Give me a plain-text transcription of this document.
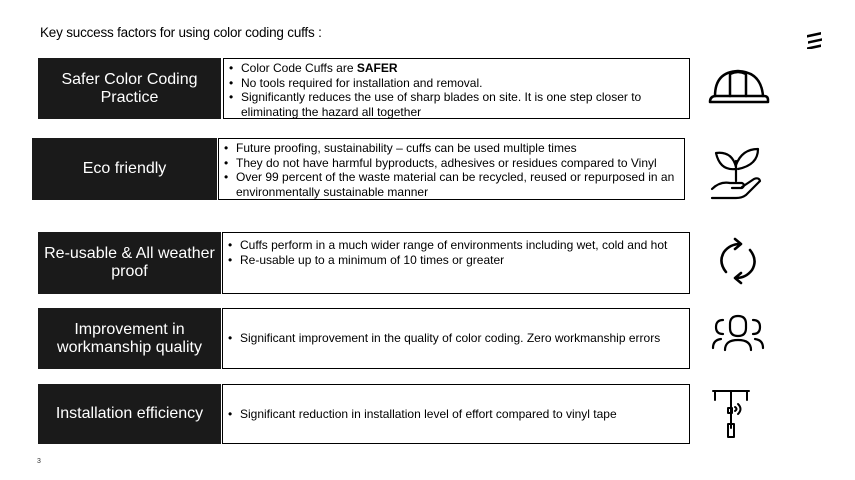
Key success factors for using color coding cuffs :
Safer Color Coding Practice
• Color Code Cuffs are SAFER
• No tools required for installation and removal.
• Significantly reduces the use of sharp blades on site. It is one step closer to eliminating the hazard all together
Eco friendly
• Future proofing, sustainability – cuffs can be used multiple times
• They do not have harmful byproducts, adhesives or residues compared to Vinyl
• Over 99 percent of the waste material can be recycled, reused or repurposed in an environmentally sustainable manner
Re-usable & All weather proof
• Cuffs perform in a much wider range of environments including wet, cold and hot
• Re-usable up to a minimum of 10 times or greater
Improvement in workmanship quality
• Significant improvement in the quality of color coding. Zero workmanship errors
Installation efficiency
•	Significant reduction in installation level of effort compared to vinyl tape
3
